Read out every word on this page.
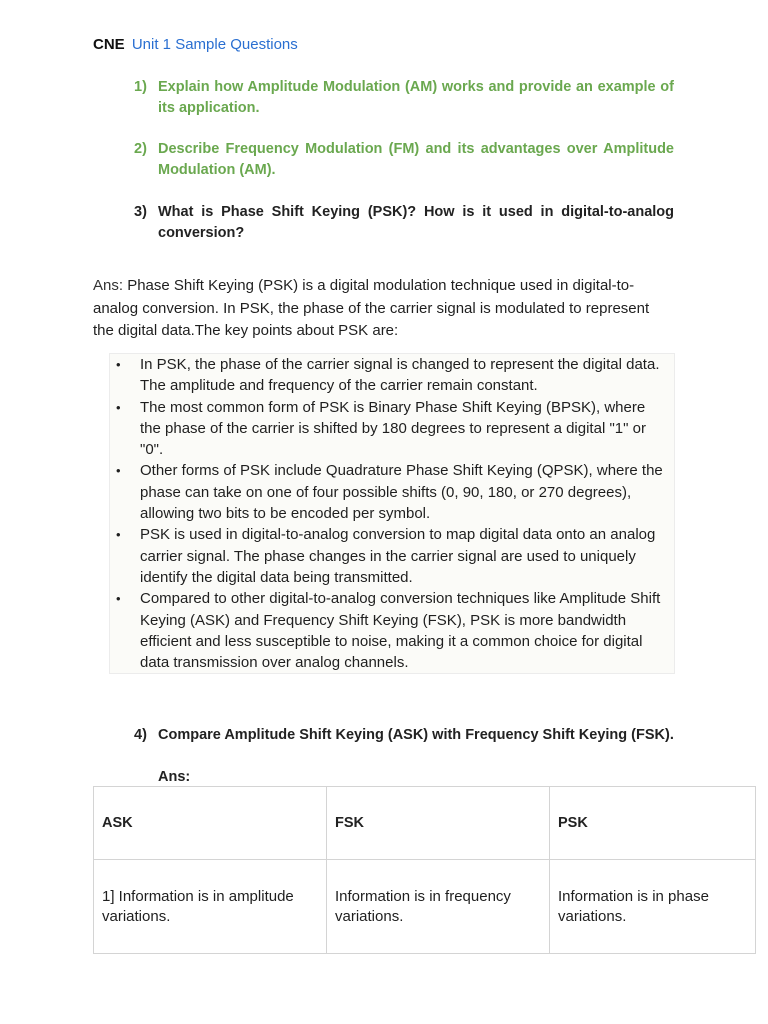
CNE Unit 1 Sample Questions
1) Explain how Amplitude Modulation (AM) works and provide an example of its application.
2) Describe Frequency Modulation (FM) and its advantages over Amplitude Modulation (AM).
3) What is Phase Shift Keying (PSK)? How is it used in digital-to-analog conversion?
Ans: Phase Shift Keying (PSK) is a digital modulation technique used in digital-to-analog conversion. In PSK, the phase of the carrier signal is modulated to represent the digital data.The key points about PSK are:
• In PSK, the phase of the carrier signal is changed to represent the digital data. The amplitude and frequency of the carrier remain constant.
• The most common form of PSK is Binary Phase Shift Keying (BPSK), where the phase of the carrier is shifted by 180 degrees to represent a digital "1" or "0".
• Other forms of PSK include Quadrature Phase Shift Keying (QPSK), where the phase can take on one of four possible shifts (0, 90, 180, or 270 degrees), allowing two bits to be encoded per symbol.
• PSK is used in digital-to-analog conversion to map digital data onto an analog carrier signal. The phase changes in the carrier signal are used to uniquely identify the digital data being transmitted.
• Compared to other digital-to-analog conversion techniques like Amplitude Shift Keying (ASK) and Frequency Shift Keying (FSK), PSK is more bandwidth efficient and less susceptible to noise, making it a common choice for digital data transmission over analog channels.
4) Compare Amplitude Shift Keying (ASK) with Frequency Shift Keying (FSK).
Ans:
ASK	FSK	PSK
1] Information is in amplitude variations.	Information is in frequency variations.	Information is in phase variations.
